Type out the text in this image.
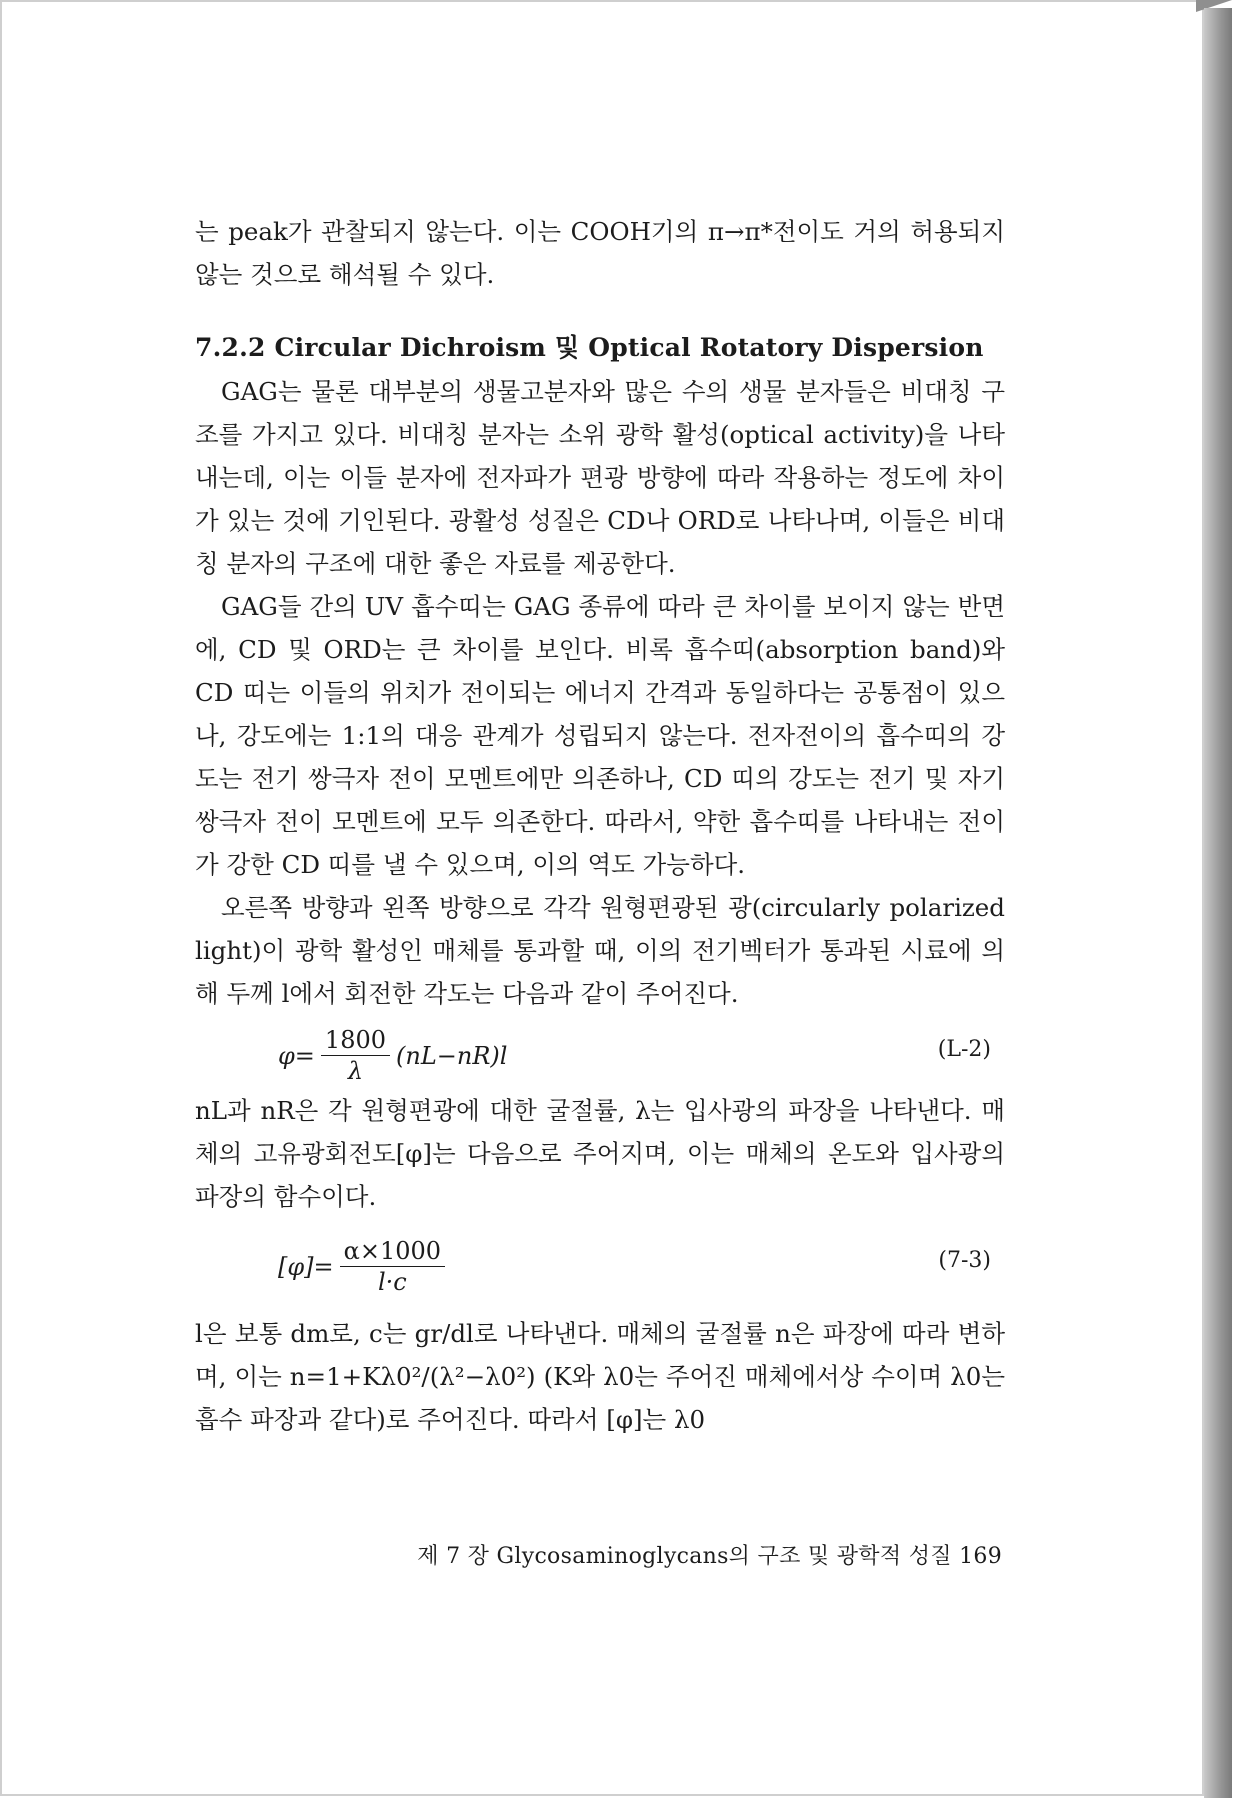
는 peak가 관찰되지 않는다. 이는 COOH기의 π→π*전이도 거의 허용되지 않는 것으로 해석될 수 있다.

7.2.2 Circular Dichroism 및 Optical Rotatory Dispersion

GAG는 물론 대부분의 생물고분자와 많은 수의 생물 분자들은 비대칭 구조를 가지고 있다. 비대칭 분자는 소위 광학 활성(optical activity)을 나타내는데, 이는 이들 분자에 전자파가 편광 방향에 따라 작용하는 정도에 차이가 있는 것에 기인된다. 광활성 성질은 CD나 ORD로 나타나며, 이들은 비대칭 분자의 구조에 대한 좋은 자료를 제공한다.

GAG들 간의 UV 흡수띠는 GAG 종류에 따라 큰 차이를 보이지 않는 반면에, CD 및 ORD는 큰 차이를 보인다. 비록 흡수띠(absorption band)와 CD 띠는 이들의 위치가 전이되는 에너지 간격과 동일하다는 공통점이 있으나, 강도에는 1:1의 대응 관계가 성립되지 않는다. 전자전이의 흡수띠의 강도는 전기 쌍극자 전이 모멘트에만 의존하나, CD 띠의 강도는 전기 및 자기 쌍극자 전이 모멘트에 모두 의존한다. 따라서, 약한 흡수띠를 나타내는 전이가 강한 CD 띠를 낼 수 있으며, 이의 역도 가능하다.

오른쪽 방향과 왼쪽 방향으로 각각 원형편광된 광(circularly polarized light)이 광학 활성인 매체를 통과할 때, 이의 전기벡터가 통과된 시료에 의해 두께 l에서 회전한 각도는 다음과 같이 주어진다.

$\varphi= \frac{1800}{\lambda} (nL-nR)l$	(L-2)

nL과 nR은 각 원형편광에 대한 굴절률, λ는 입사광의 파장을 나타낸다. 매체의 고유광회전도[φ]는 다음으로 주어지며, 이는 매체의 온도와 입사광의 파장의 함수이다.

$[\varphi]= \frac{\alpha\times 1000}{l\cdot c}$	(7-3)

l은 보통 dm로, c는 gr/dl로 나타낸다. 매체의 굴절률 n은 파장에 따라 변하며, 이는 n=1+Kλ0²/(λ²−λ0²) (K와 λ0는 주어진 매체에서상 수이며 λ0는 흡수 파장과 같다)로 주어진다. 따라서 [φ]는 λ0

제 7 장 Glycosaminoglycans의 구조 및 광학적 성질 169
